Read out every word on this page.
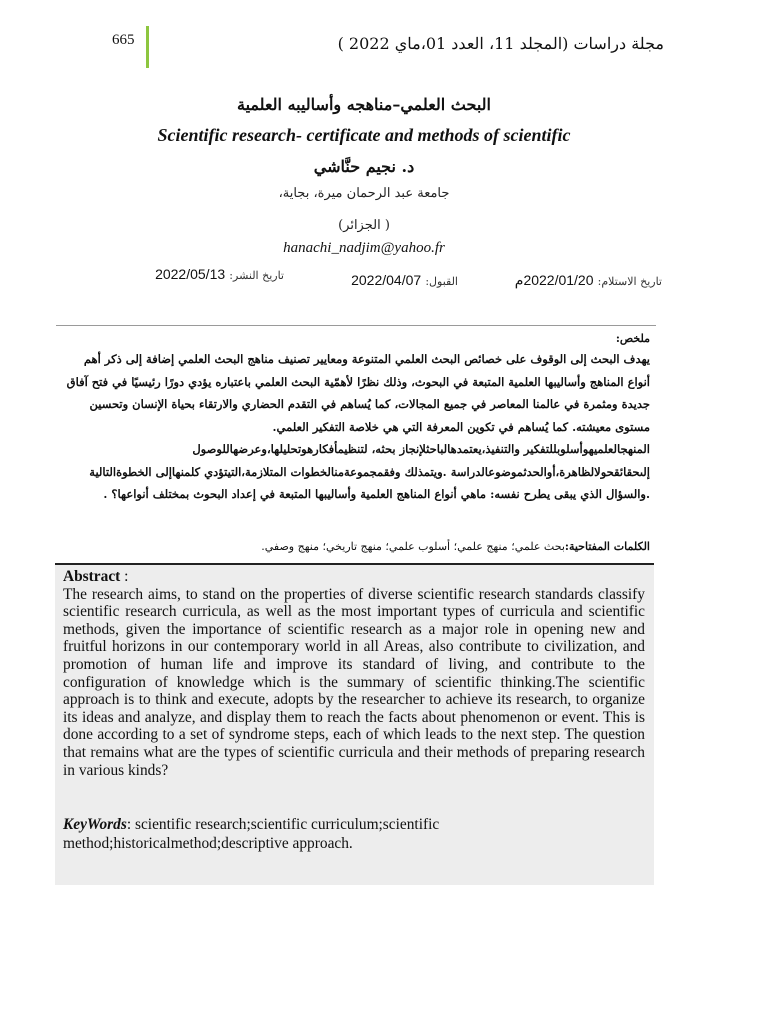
مجلة دراسات (المجلد 11، العدد 01،ماي 2022 )
665
البحث العلمي–مناهجه وأساليبه العلمية
Scientific research- certificate and methods of scientific
د. نجيم حنَّاشي
جامعة عبد الرحمان ميرة، بجاية،
( الجزائر)
hanachi_nadjim@yahoo.fr
تاريخ الاستلام: 2022/01/20م
القبول: 2022/04/07
تاريخ النشر: 2022/05/13
ملخص:

يهدف البحث إلى الوقوف على خصائص البحث العلمي المتنوعة ومعايير تصنيف مناهج البحث العلمي إضافة إلى ذكر أهم أنواع المناهج وأساليبها العلمية المتبعة في البحوث، وذلك نظرًا لأهمّية البحث العلمي باعتباره يؤدي دورًا رئيسيًا في فتح آفاق جديدة ومثمرة في عالمنا المعاصر في جميع المجالات، كما يُساهم في التقدم الحضاري والارتقاء بحياة الإنسان وتحسين مستوى معيشته. كما يُساهم في تكوين المعرفة التي هي خلاصة التفكير العلمي.

المنهجالعلميهوأسلوبللتفكير والتنفيذ،يعتمدهالباحثلإنجاز بحثه، لتنظيمأفكارهوتحليلها،وعرضهاللوصول إلىحقائقحولالظاهرة،أوالحدثموضوعالدراسة .ويتمذلك وفقمجموعةمنالخطوات المتلازمة،التيتؤدي كلمنهاإلى الخطوةالتالية .والسؤال الذي يبقى يطرح نفسه: ماهي أنواع المناهج العلمية وأساليبها المتبعة في إعداد البحوث بمختلف أنواعها؟ .

الكلمات المفتاحية:بحث علمي؛ منهج علمي؛ أسلوب علمي؛ منهج تاريخي؛ منهج وصفي.
Abstract :
The research aims, to stand on the properties of diverse scientific research standards classify scientific research curricula, as well as the most important types of curricula and scientific methods, given the importance of scientific research as a major role in opening new and fruitful horizons in our contemporary world in all Areas, also contribute to civilization, and promotion of human life and improve its standard of living, and contribute to the configuration of knowledge which is the summary of scientific thinking.The scientific approach is to think and execute, adopts by the researcher to achieve its research, to organize its ideas and analyze, and display them to reach the facts about phenomenon or event. This is done according to a set of syndrome steps, each of which leads to the next step. The question that remains what are the types of scientific curricula and their methods of preparing research in various kinds?
KeyWords: scientific research;scientific curriculum;scientific method;historicalmethod;descriptive approach.
